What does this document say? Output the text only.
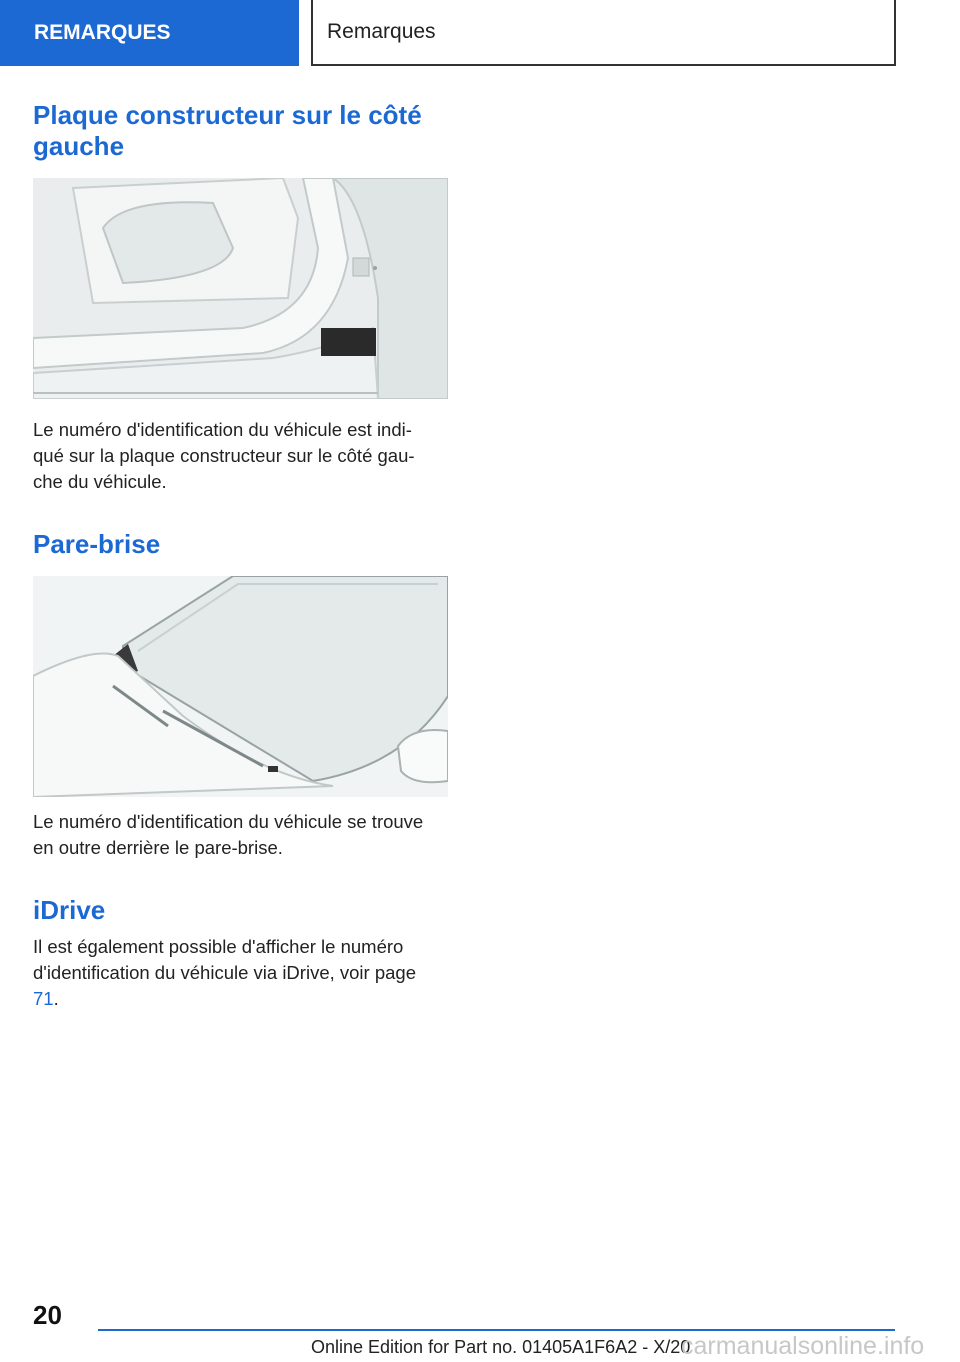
REMARQUES	Remarques
Plaque constructeur sur le côté gauche

Le numéro d'identification du véhicule est indi-qué sur la plaque constructeur sur le côté gau-che du véhicule.

Pare-brise

Le numéro d'identification du véhicule se trouve en outre derrière le pare-brise.

iDrive

Il est également possible d'afficher le numéro d'identification du véhicule via iDrive, voir page 71.

20
Online Edition for Part no. 01405A1F6A2 - X/20
carmanualsonline.info
